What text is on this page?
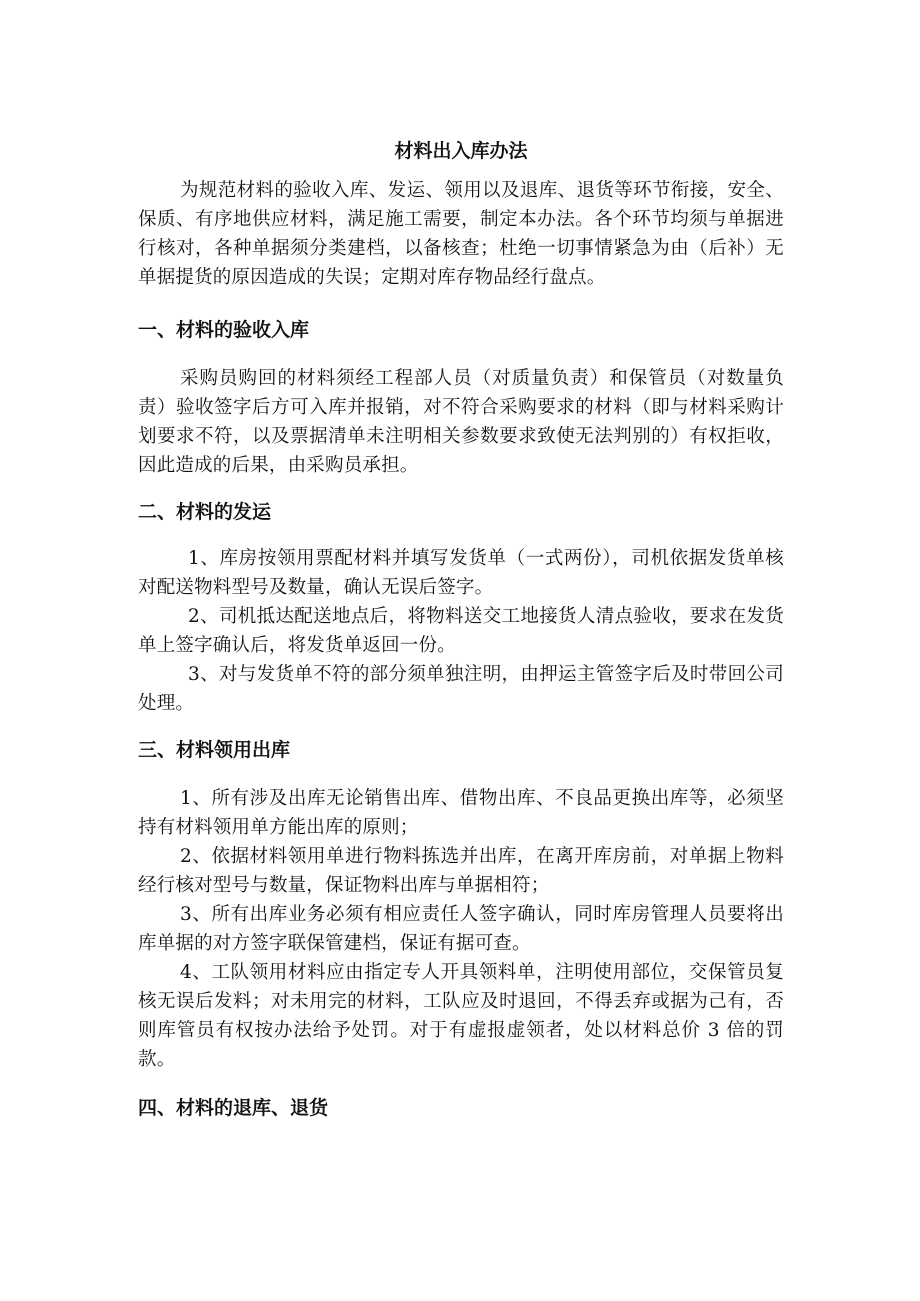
材料出入库办法

为规范材料的验收入库、发运、领用以及退库、退货等环节衔接，安全、保质、有序地供应材料，满足施工需要，制定本办法。各个环节均须与单据进行核对，各种单据须分类建档，以备核查；杜绝一切事情紧急为由（后补）无单据提货的原因造成的失误；定期对库存物品经行盘点。

一、材料的验收入库

采购员购回的材料须经工程部人员（对质量负责）和保管员（对数量负责）验收签字后方可入库并报销，对不符合采购要求的材料（即与材料采购计划要求不符，以及票据清单未注明相关参数要求致使无法判别的）有权拒收，因此造成的后果，由采购员承担。

二、材料的发运

1、库房按领用票配材料并填写发货单（一式两份），司机依据发货单核对配送物料型号及数量，确认无误后签字。

2、司机抵达配送地点后，将物料送交工地接货人清点验收，要求在发货单上签字确认后，将发货单返回一份。

3、对与发货单不符的部分须单独注明，由押运主管签字后及时带回公司处理。

三、材料领用出库

1、所有涉及出库无论销售出库、借物出库、不良品更换出库等，必须坚持有材料领用单方能出库的原则；

2、依据材料领用单进行物料拣选并出库，在离开库房前，对单据上物料经行核对型号与数量，保证物料出库与单据相符；

3、所有出库业务必须有相应责任人签字确认，同时库房管理人员要将出库单据的对方签字联保管建档，保证有据可查。

4、工队领用材料应由指定专人开具领料单，注明使用部位，交保管员复核无误后发料；对未用完的材料，工队应及时退回，不得丢弃或据为己有，否则库管员有权按办法给予处罚。对于有虚报虚领者，处以材料总价 3 倍的罚款。

四、材料的退库、退货
